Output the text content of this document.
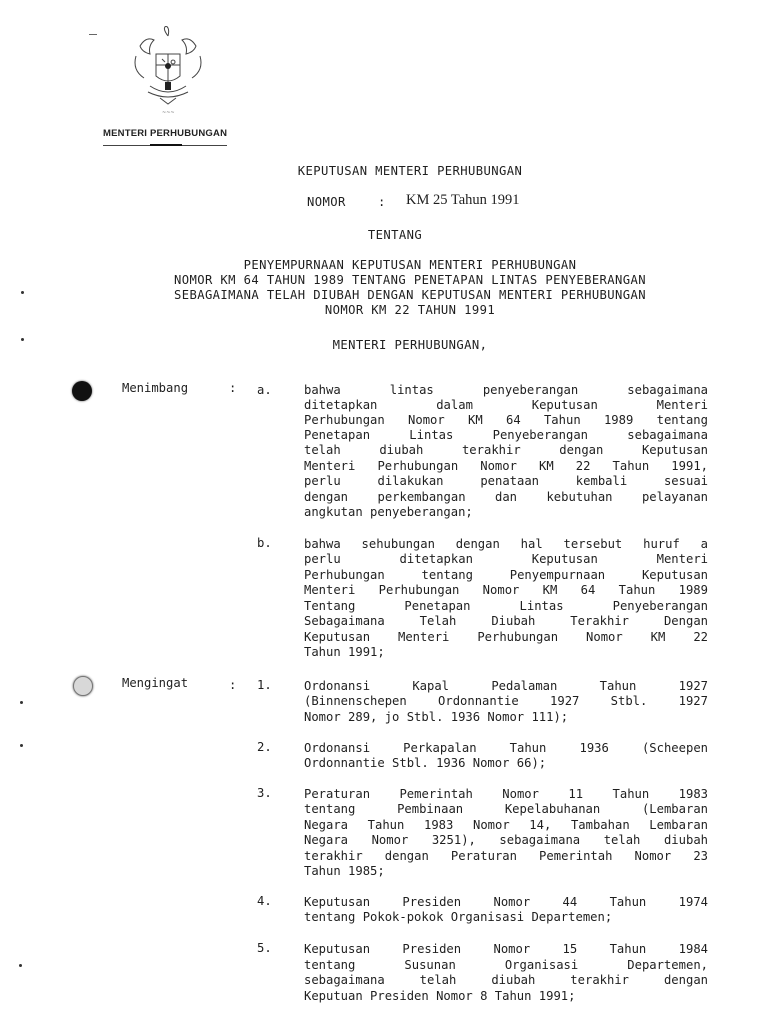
~~~
MENTERI PERHUBUNGAN
KEPUTUSAN MENTERI PERHUBUNGAN
NOMOR	: KM 25 Tahun 1991
TENTANG
PENYEMPURNAAN KEPUTUSAN MENTERI PERHUBUNGAN
NOMOR KM 64 TAHUN 1989 TENTANG PENETAPAN LINTAS PENYEBERANGAN
SEBAGAIMANA TELAH DIUBAH DENGAN KEPUTUSAN MENTERI PERHUBUNGAN
NOMOR KM 22 TAHUN 1991
MENTERI PERHUBUNGAN,
Menimbang	: a.	bahwa lintas penyeberangan sebagaimana
ditetapkan dalam Keputusan Menteri
Perhubungan Nomor KM 64 Tahun 1989 tentang
Penetapan Lintas Penyeberangan sebagaimana
telah diubah terakhir dengan Keputusan
Menteri Perhubungan Nomor KM 22 Tahun 1991,
perlu dilakukan penataan kembali sesuai
dengan perkembangan dan kebutuhan pelayanan
angkutan penyeberangan;
b.	bahwa sehubungan dengan hal tersebut huruf a
perlu ditetapkan Keputusan Menteri
Perhubungan tentang Penyempurnaan Keputusan
Menteri Perhubungan Nomor KM 64 Tahun 1989
Tentang Penetapan Lintas Penyeberangan
Sebagaimana Telah Diubah Terakhir Dengan
Keputusan Menteri Perhubungan Nomor KM 22
Tahun 1991;
Mengingat	: 1.	Ordonansi Kapal Pedalaman Tahun 1927
(Binnenschepen Ordonnantie 1927 Stbl. 1927
Nomor 289, jo Stbl. 1936 Nomor 111);
2.	Ordonansi Perkapalan Tahun 1936 (Scheepen
Ordonnantie Stbl. 1936 Nomor 66);
3.	Peraturan Pemerintah Nomor 11 Tahun 1983
tentang Pembinaan Kepelabuhanan (Lembaran
Negara Tahun 1983 Nomor 14, Tambahan Lembaran
Negara Nomor 3251), sebagaimana telah diubah
terakhir dengan Peraturan Pemerintah Nomor 23
Tahun 1985;
4.	Keputusan Presiden Nomor 44 Tahun 1974
tentang Pokok-pokok Organisasi Departemen;
5.	Keputusan Presiden Nomor 15 Tahun 1984
tentang Susunan Organisasi Departemen,
sebagaimana telah diubah terakhir dengan
Keputuan Presiden Nomor 8 Tahun 1991;
